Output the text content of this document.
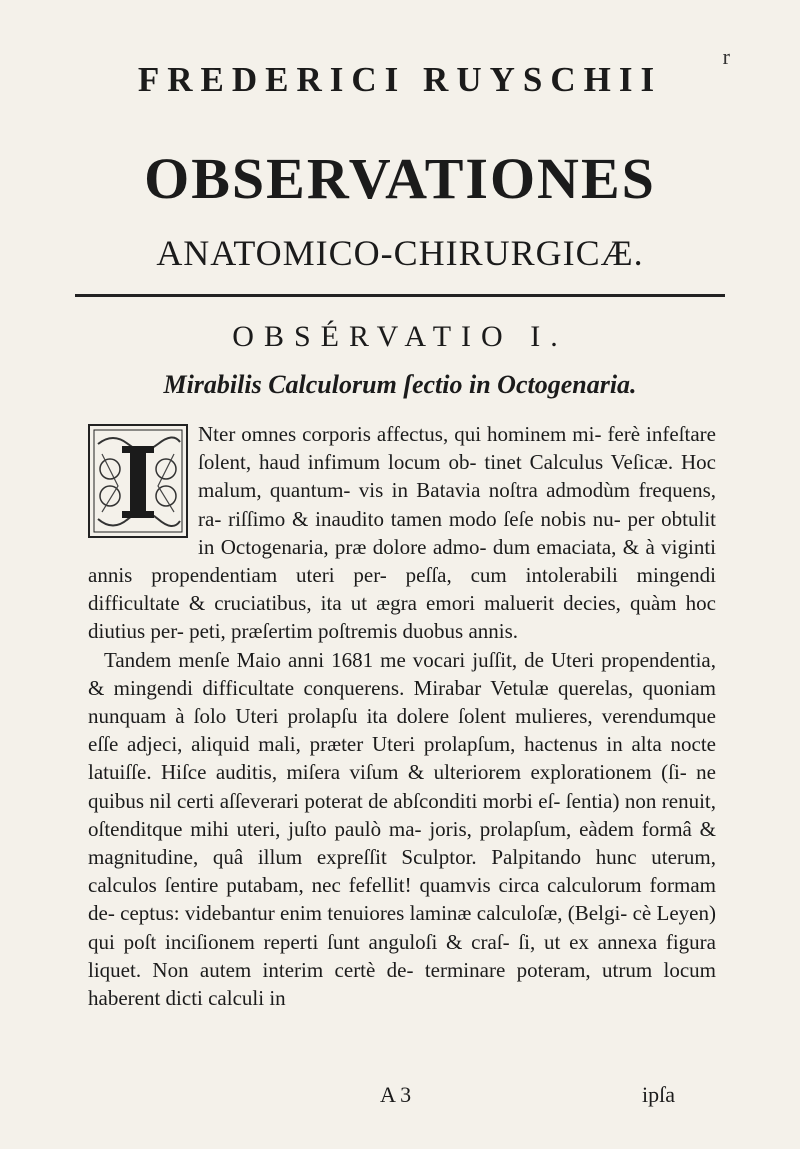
r
FREDERICI RUYSCHII
OBSERVATIONES
ANATOMICO-CHIRURGICÆ.
OBSÉRVATIO I.
Mirabilis Calculorum ſectio in Octogenaria.

Nter omnes corporis affectus, qui hominem mi- ferè infeſtare ſolent, haud infimum locum ob- tinet Calculus Veſicæ. Hoc malum, quantum- vis in Batavia noſtra admodùm frequens, ra- riſſimo & inaudito tamen modo ſeſe nobis nu- per obtulit in Octogenaria, præ dolore admo- dum emaciata, & à viginti annis propendentiam uteri per- peſſa, cum intolerabili mingendi difficultate & cruciatibus, ita ut ægra emori maluerit decies, quàm hoc diutius per- peti, præſertim poſtremis duobus annis.

Tandem menſe Maio anni 1681 me vocari juſſit, de Uteri propendentia, & mingendi difficultate conquerens. Mirabar Vetulæ querelas, quoniam nunquam à ſolo Uteri prolapſu ita dolere ſolent mulieres, verendumque eſſe adjeci, aliquid mali, præter Uteri prolapſum, hactenus in alta nocte latuiſſe. Hiſce auditis, miſera viſum & ulteriorem explorationem (ſi- ne quibus nil certi aſſeverari poterat de abſconditi morbi eſ- ſentia) non renuit, oſtenditque mihi uteri, juſto paulò ma- joris, prolapſum, eàdem formâ & magnitudine, quâ illum expreſſit Sculptor. Palpitando hunc uterum, calculos ſentire putabam, nec fefellit! quamvis circa calculorum formam de- ceptus: videbantur enim tenuiores laminæ calculoſæ, (Belgi- cè Leyen) qui poſt inciſionem reperti ſunt anguloſi & craſ- ſi, ut ex annexa figura liquet. Non autem interim certè de- terminare poteram, utrum locum haberent dicti calculi in

A 3	ipſa
